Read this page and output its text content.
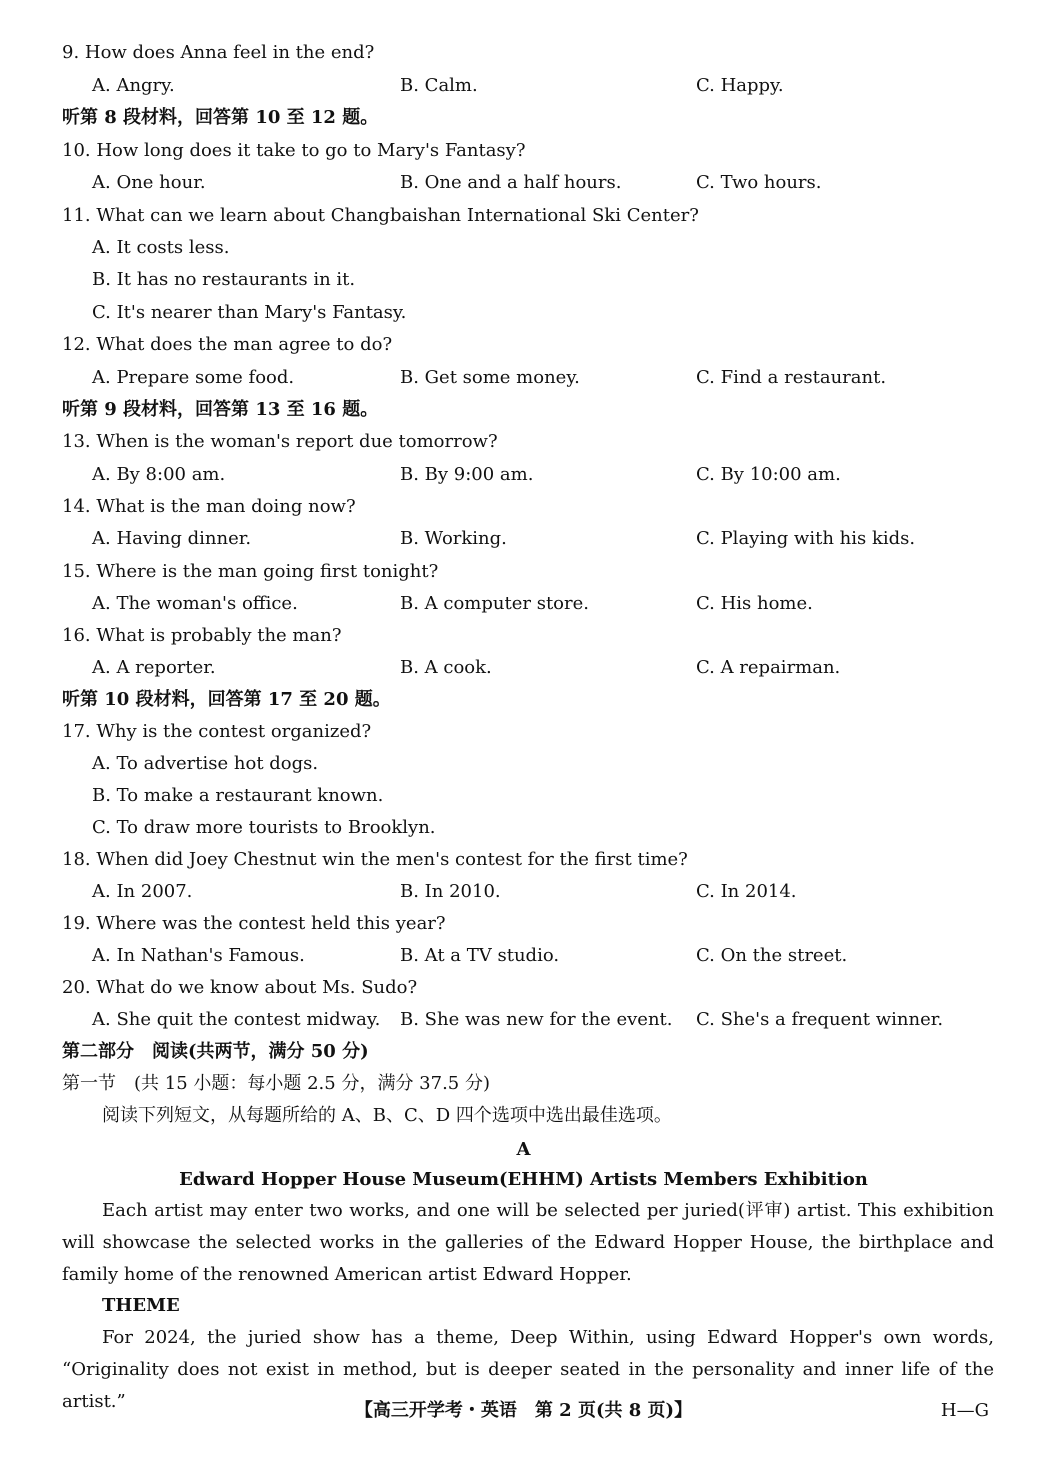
9. How does Anna feel in the end?
A. Angry.	B. Calm.	C. Happy.
听第 8 段材料，回答第 10 至 12 题。
10. How long does it take to go to Mary's Fantasy?
A. One hour.	B. One and a half hours.	C. Two hours.
11. What can we learn about Changbaishan International Ski Center?
A. It costs less.
B. It has no restaurants in it.
C. It's nearer than Mary's Fantasy.
12. What does the man agree to do?
A. Prepare some food.	B. Get some money.	C. Find a restaurant.
听第 9 段材料，回答第 13 至 16 题。
13. When is the woman's report due tomorrow?
A. By 8:00 am.	B. By 9:00 am.	C. By 10:00 am.
14. What is the man doing now?
A. Having dinner.	B. Working.	C. Playing with his kids.
15. Where is the man going first tonight?
A. The woman's office.	B. A computer store.	C. His home.
16. What is probably the man?
A. A reporter.	B. A cook.	C. A repairman.
听第 10 段材料，回答第 17 至 20 题。
17. Why is the contest organized?
A. To advertise hot dogs.
B. To make a restaurant known.
C. To draw more tourists to Brooklyn.
18. When did Joey Chestnut win the men's contest for the first time?
A. In 2007.	B. In 2010.	C. In 2014.
19. Where was the contest held this year?
A. In Nathan's Famous.	B. At a TV studio.	C. On the street.
20. What do we know about Ms. Sudo?
A. She quit the contest midway. B. She was new for the event. C. She's a frequent winner.
第二部分　阅读(共两节，满分 50 分)
第一节　(共 15 小题：每小题 2.5 分，满分 37.5 分)
阅读下列短文，从每题所给的 A、B、C、D 四个选项中选出最佳选项。
A
Edward Hopper House Museum(EHHM) Artists Members Exhibition
Each artist may enter two works, and one will be selected per juried(评审) artist. This exhibition will showcase the selected works in the galleries of the Edward Hopper House, the birthplace and family home of the renowned American artist Edward Hopper.
THEME
For 2024, the juried show has a theme, Deep Within, using Edward Hopper's own words, “Originality does not exist in method, but is deeper seated in the personality and inner life of the artist.”	【高三开学考・英语　第 2 页(共 8 页)】	H—G
